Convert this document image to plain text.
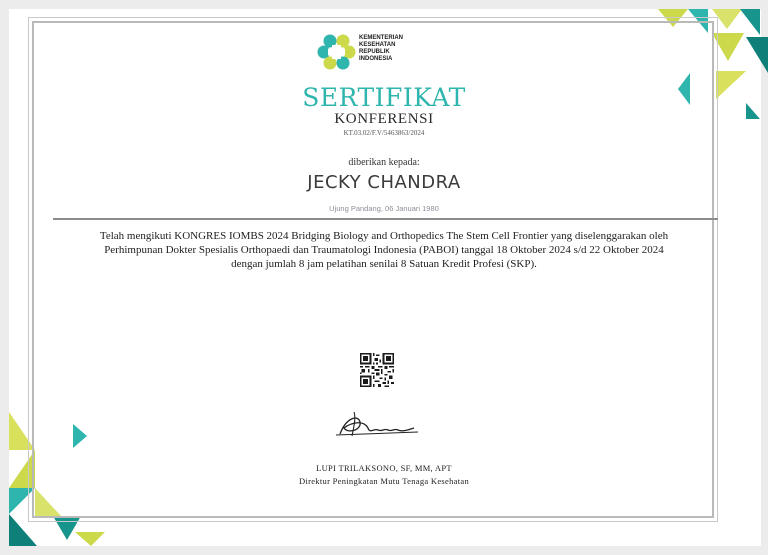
KEMENTERIAN
KESEHATAN
REPUBLIK
INDONESIA
SERTIFIKAT
KONFERENSI
KT.03.02/F.V/5463863/2024
diberikan kepada:
JECKY CHANDRA
Ujung Pandang, 06 Januari 1980
Telah mengikuti KONGRES IOMBS 2024 Bridging Biology and Orthopedics The Stem Cell Frontier yang diselenggarakan oleh Perhimpunan Dokter Spesialis Orthopaedi dan Traumatologi Indonesia (PABOI) tanggal 18 Oktober 2024 s/d 22 Oktober 2024 dengan jumlah 8 jam pelatihan senilai 8 Satuan Kredit Profesi (SKP).
LUPI TRILAKSONO, SF, MM, APT
Direktur Peningkatan Mutu Tenaga Kesehatan
